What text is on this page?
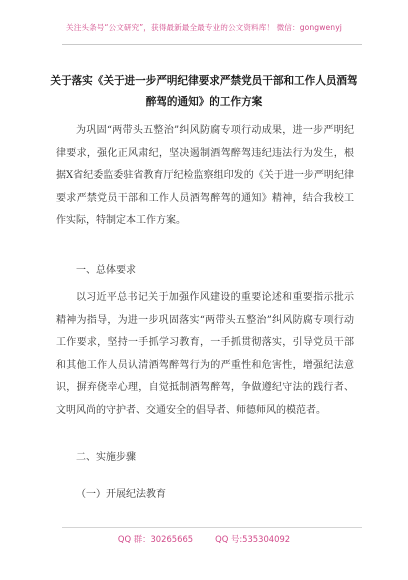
关注头条号“公文研究”，获得最新最全最专业的公文资料库！ 微信：gongwenyj
关于落实《关于进一步严明纪律要求严禁党员干部和工作人员酒驾醉驾的通知》的工作方案
为巩固“两带头五整治”纠风防腐专项行动成果，进一步严明纪律要求，强化正风肃纪，坚决遏制酒驾醉驾违纪违法行为发生，根据X省纪委监委驻省教育厅纪检监察组印发的《关于进一步严明纪律要求严禁党员干部和工作人员酒驾醉驾的通知》精神，结合我校工作实际，特制定本工作方案。
一、总体要求
以习近平总书记关于加强作风建设的重要论述和重要指示批示精神为指导，为进一步巩固落实“两带头五整治”纠风防腐专项行动工作要求，坚持一手抓学习教育，一手抓贯彻落实，引导党员干部和其他工作人员认清酒驾醉驾行为的严重性和危害性，增强纪法意识，摒弃侥幸心理，自觉抵制酒驾醉驾，争做遵纪守法的践行者、文明风尚的守护者、交通安全的倡导者、师德师风的模范者。
二、实施步骤
（一）开展纪法教育
QQ 群：30265665	QQ 号:535304092
